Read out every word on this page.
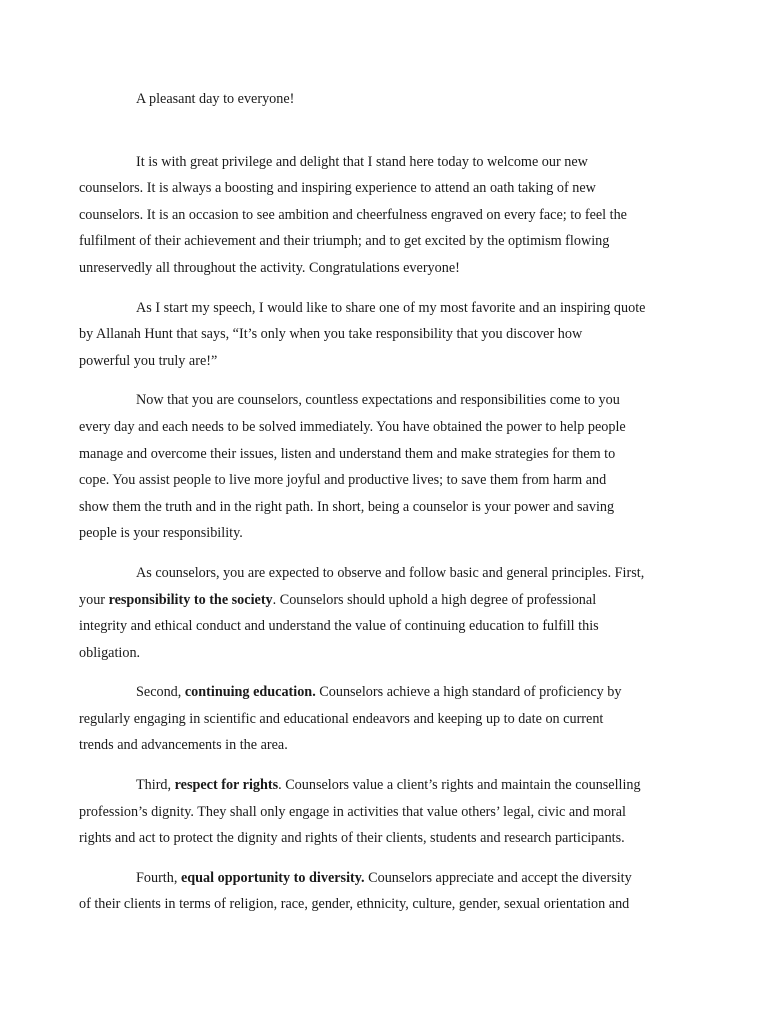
A pleasant day to everyone!

It is with great privilege and delight that I stand here today to welcome our new
counselors. It is always a boosting and inspiring experience to attend an oath taking of new
counselors. It is an occasion to see ambition and cheerfulness engraved on every face; to feel the
fulfilment of their achievement and their triumph; and to get excited by the optimism flowing
unreservedly all throughout the activity. Congratulations everyone!

As I start my speech, I would like to share one of my most favorite and an inspiring quote
by Allanah Hunt that says, “It’s only when you take responsibility that you discover how
powerful you truly are!”

Now that you are counselors, countless expectations and responsibilities come to you
every day and each needs to be solved immediately. You have obtained the power to help people
manage and overcome their issues, listen and understand them and make strategies for them to
cope. You assist people to live more joyful and productive lives; to save them from harm and
show them the truth and in the right path. In short, being a counselor is your power and saving
people is your responsibility.

As counselors, you are expected to observe and follow basic and general principles. First,
your responsibility to the society. Counselors should uphold a high degree of professional
integrity and ethical conduct and understand the value of continuing education to fulfill this
obligation.

Second, continuing education. Counselors achieve a high standard of proficiency by
regularly engaging in scientific and educational endeavors and keeping up to date on current
trends and advancements in the area.

Third, respect for rights. Counselors value a client’s rights and maintain the counselling
profession’s dignity. They shall only engage in activities that value others’ legal, civic and moral
rights and act to protect the dignity and rights of their clients, students and research participants.

Fourth, equal opportunity to diversity. Counselors appreciate and accept the diversity
of their clients in terms of religion, race, gender, ethnicity, culture, gender, sexual orientation and
